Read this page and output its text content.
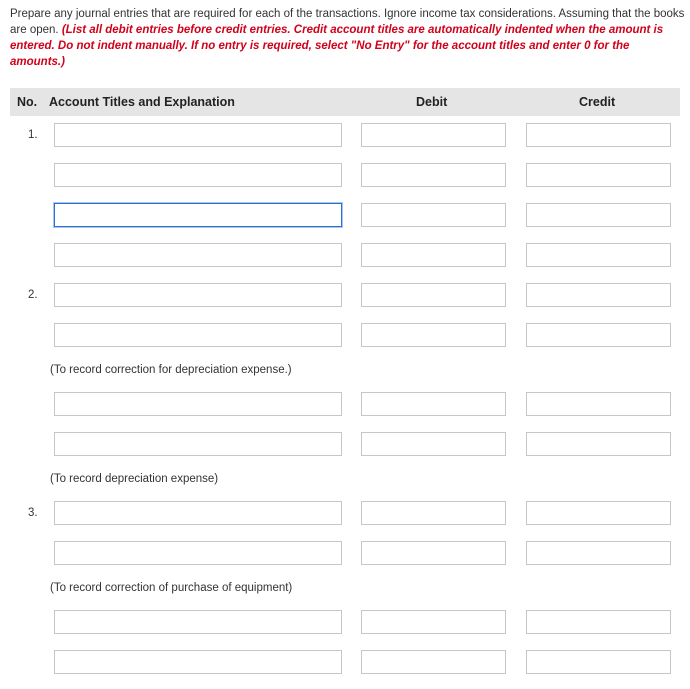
Prepare any journal entries that are required for each of the transactions. Ignore income tax considerations. Assuming that the books are open. (List all debit entries before credit entries. Credit account titles are automatically indented when the amount is entered. Do not indent manually. If no entry is required, select "No Entry" for the account titles and enter 0 for the amounts.)
No. Account Titles and Explanation	Debit	Credit
1.
2.
(To record correction for depreciation expense.)
(To record depreciation expense)
3.
(To record correction of purchase of equipment)
